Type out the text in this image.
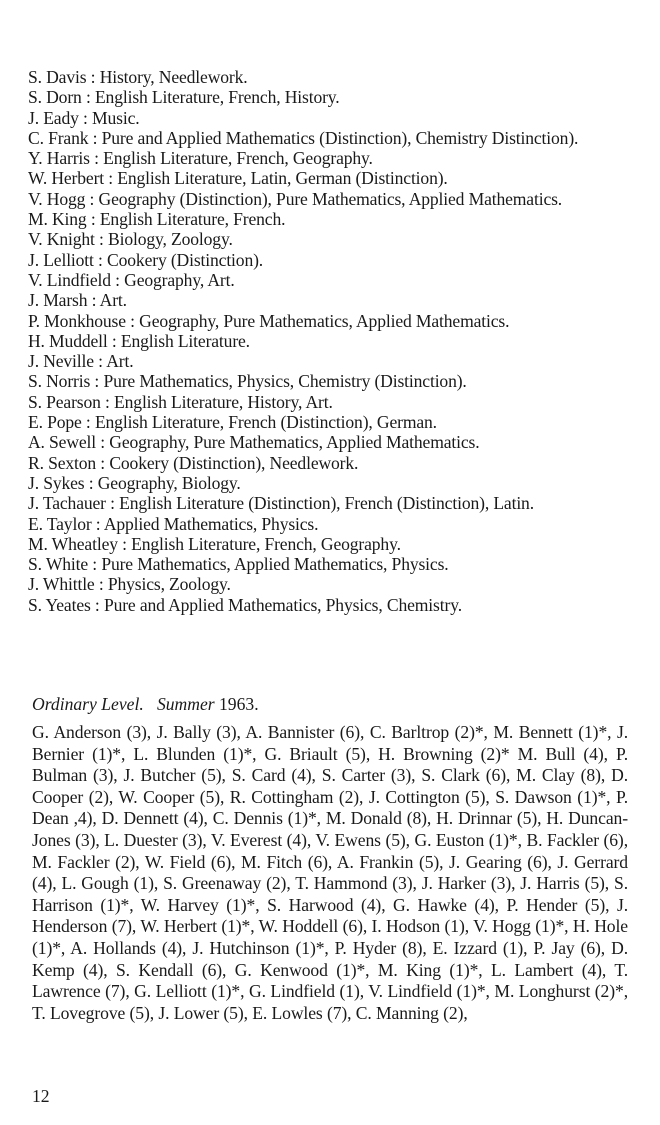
S. Davis : History, Needlework.
S. Dorn : English Literature, French, History.
J. Eady : Music.
C. Frank : Pure and Applied Mathematics (Distinction), Chemistry Distinction).
Y. Harris : English Literature, French, Geography.
W. Herbert : English Literature, Latin, German (Distinction).
V. Hogg : Geography (Distinction), Pure Mathematics, Applied Mathematics.
M. King : English Literature, French.
V. Knight : Biology, Zoology.
J. Lelliott : Cookery (Distinction).
V. Lindfield : Geography, Art.
J. Marsh : Art.
P. Monkhouse : Geography, Pure Mathematics, Applied Mathematics.
H. Muddell : English Literature.
J. Neville : Art.
S. Norris : Pure Mathematics, Physics, Chemistry (Distinction).
S. Pearson : English Literature, History, Art.
E. Pope : English Literature, French (Distinction), German.
A. Sewell : Geography, Pure Mathematics, Applied Mathematics.
R. Sexton : Cookery (Distinction), Needlework.
J. Sykes : Geography, Biology.
J. Tachauer : English Literature (Distinction), French (Distinction), Latin.
E. Taylor : Applied Mathematics, Physics.
M. Wheatley : English Literature, French, Geography.
S. White : Pure Mathematics, Applied Mathematics, Physics.
J. Whittle : Physics, Zoology.
S. Yeates : Pure and Applied Mathematics, Physics, Chemistry.

Ordinary Level. Summer 1963.

G. Anderson (3), J. Bally (3), A. Bannister (6), C. Barltrop (2)*, M. Bennett (1)*, J. Bernier (1)*, L. Blunden (1)*, G. Briault (5), H. Browning (2)* M. Bull (4), P. Bulman (3), J. Butcher (5), S. Card (4), S. Carter (3), S. Clark (6), M. Clay (8), D. Cooper (2), W. Cooper (5), R. Cottingham (2), J. Cottington (5), S. Dawson (1)*, P. Dean ,4), D. Dennett (4), C. Dennis (1)*, M. Donald (8), H. Drinnar (5), H. Duncan-Jones (3), L. Duester (3), V. Everest (4), V. Ewens (5), G. Euston (1)*, B. Fackler (6), M. Fackler (2), W. Field (6), M. Fitch (6), A. Frankin (5), J. Gearing (6), J. Gerrard (4), L. Gough (1), S. Greenaway (2), T. Hammond (3), J. Harker (3), J. Harris (5), S. Harrison (1)*, W. Harvey (1)*, S. Harwood (4), G. Hawke (4), P. Hender (5), J. Henderson (7), W. Herbert (1)*, W. Hoddell (6), I. Hodson (1), V. Hogg (1)*, H. Hole (1)*, A. Hollands (4), J. Hutchinson (1)*, P. Hyder (8), E. Izzard (1), P. Jay (6), D. Kemp (4), S. Kendall (6), G. Kenwood (1)*, M. King (1)*, L. Lambert (4), T. Lawrence (7), G. Lelliott (1)*, G. Lindfield (1), V. Lindfield (1)*, M. Longhurst (2)*, T. Lovegrove (5), J. Lower (5), E. Lowles (7), C. Manning (2),

12
